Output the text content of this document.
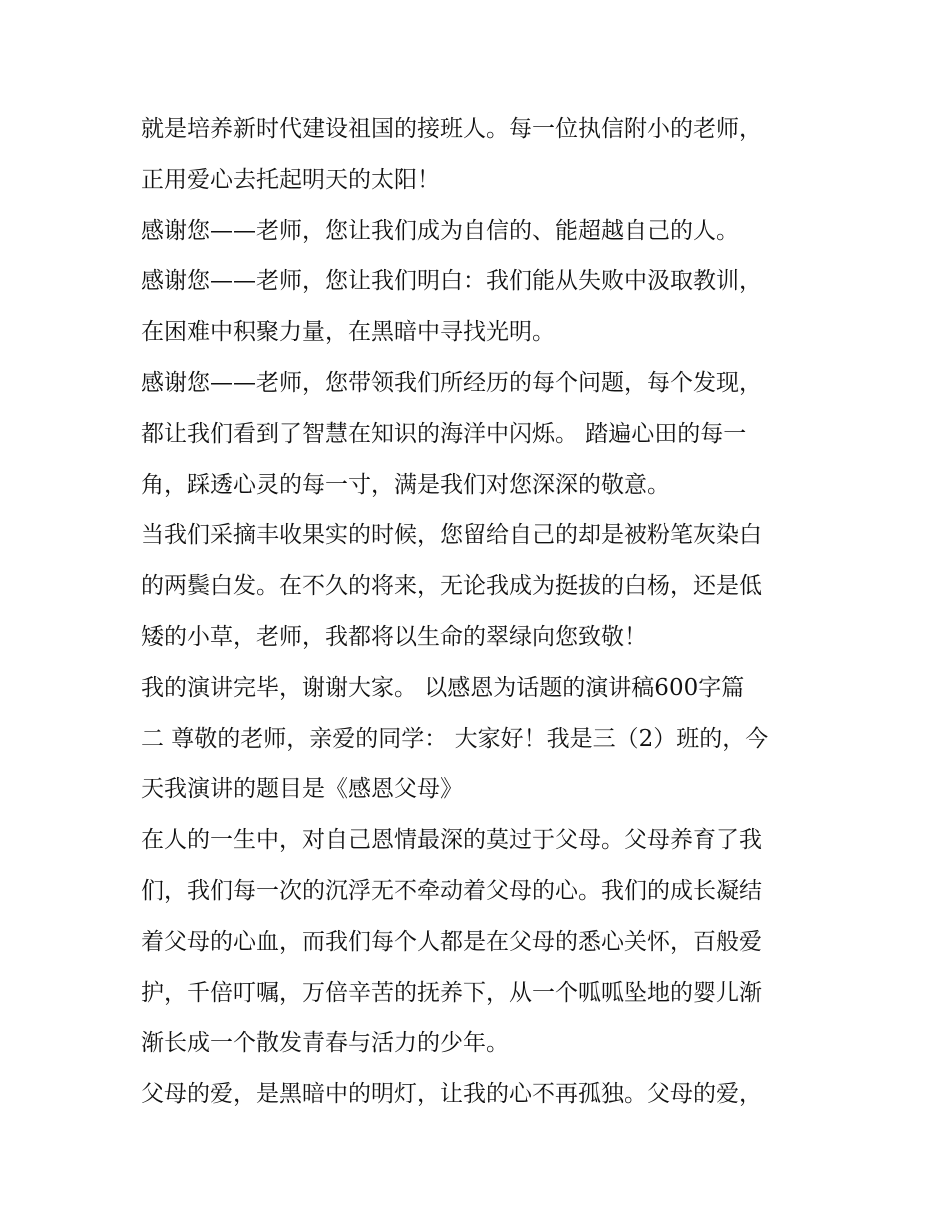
就是培养新时代建设祖国的接班人。每一位执信附小的老师，
正用爱心去托起明天的太阳！
感谢您——老师，您让我们成为自信的、能超越自己的人。
感谢您——老师，您让我们明白：我们能从失败中汲取教训，
在困难中积聚力量，在黑暗中寻找光明。
感谢您——老师，您带领我们所经历的每个问题，每个发现，
都让我们看到了智慧在知识的海洋中闪烁。 踏遍心田的每一
角，踩透心灵的每一寸，满是我们对您深深的敬意。
当我们采摘丰收果实的时候，您留给自己的却是被粉笔灰染白
的两鬓白发。在不久的将来，无论我成为挺拔的白杨，还是低
矮的小草，老师，我都将以生命的翠绿向您致敬！
我的演讲完毕，谢谢大家。 以感恩为话题的演讲稿600字篇
二 尊敬的老师，亲爱的同学： 大家好！我是三（2）班的，今
天我演讲的题目是《感恩父母》
在人的一生中，对自己恩情最深的莫过于父母。父母养育了我
们，我们每一次的沉浮无不牵动着父母的心。我们的成长凝结
着父母的心血，而我们每个人都是在父母的悉心关怀，百般爱
护，千倍叮嘱，万倍辛苦的抚养下，从一个呱呱坠地的婴儿渐
渐长成一个散发青春与活力的少年。
父母的爱，是黑暗中的明灯，让我的心不再孤独。父母的爱，
